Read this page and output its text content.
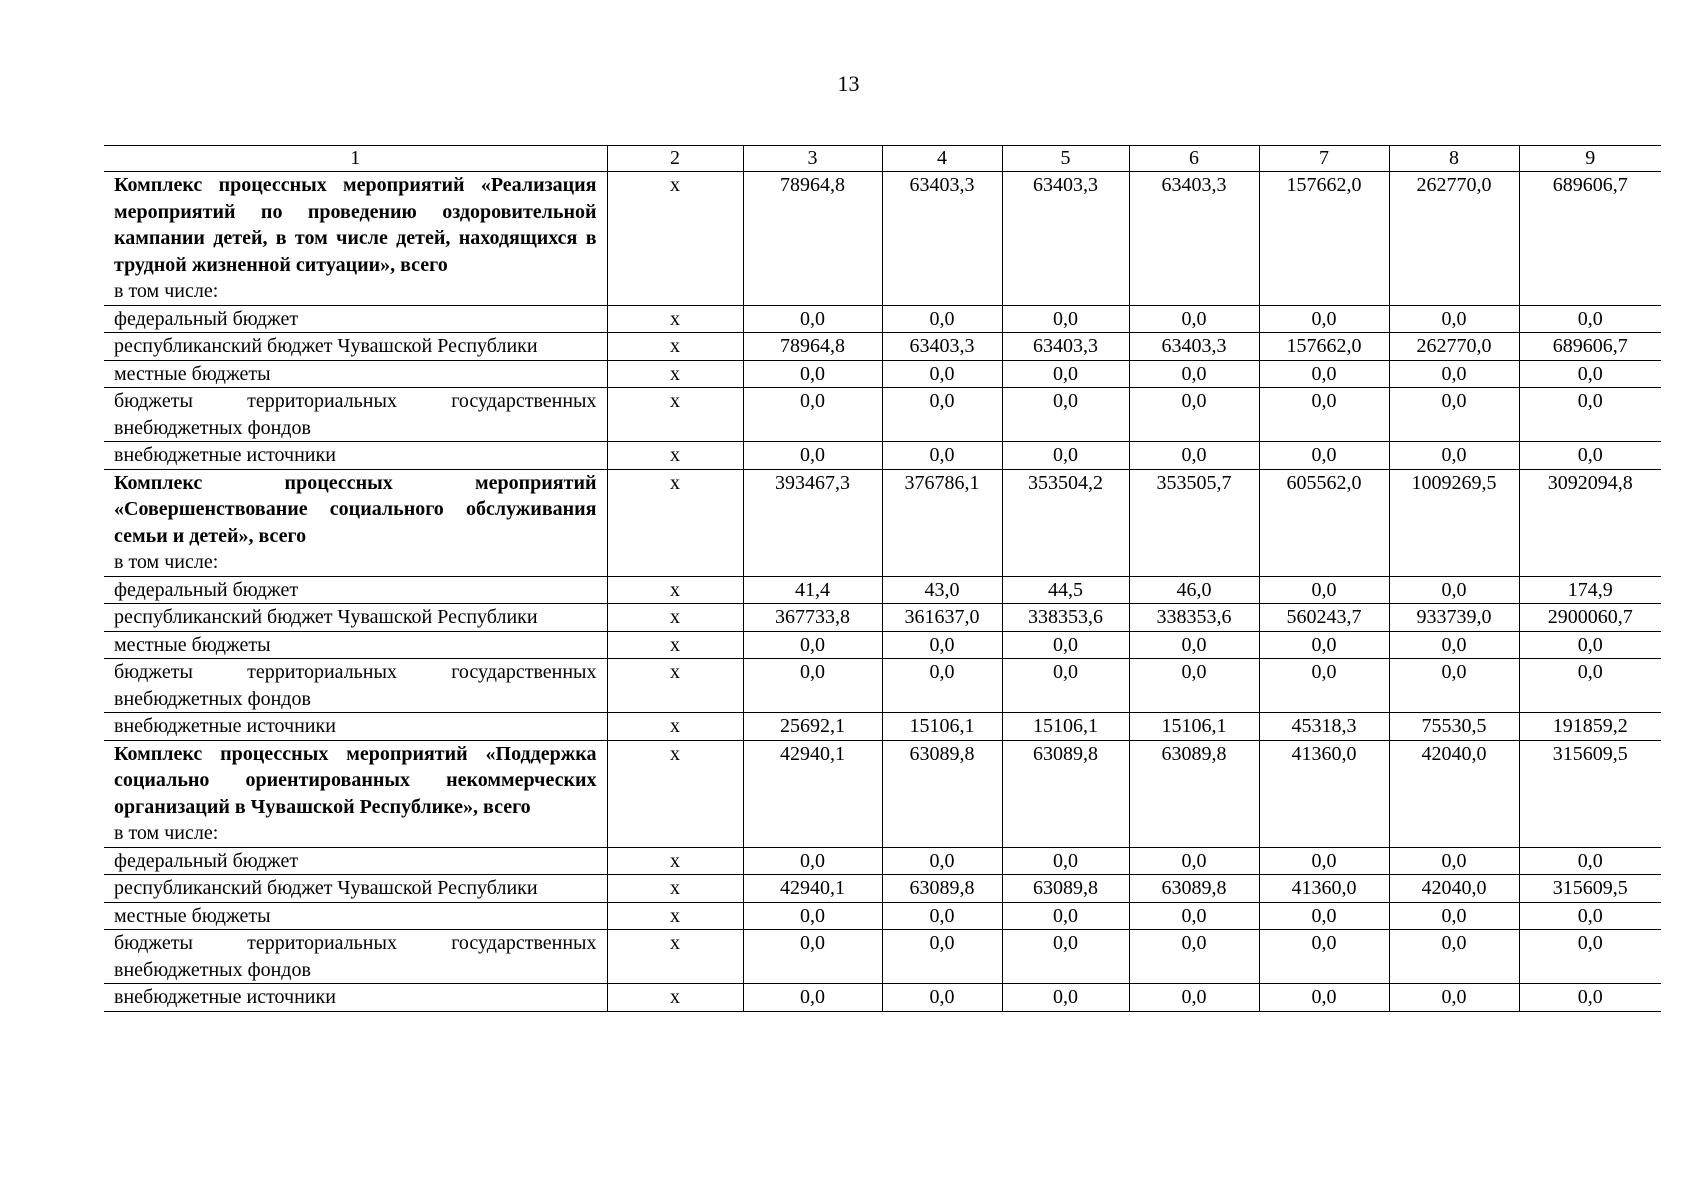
13
1	2	3	4	5	6	7	8	9

Комплекс процессных мероприятий «Реализация мероприятий по проведению оздоровительной кампании детей, в том числе детей, находящихся в трудной жизненной ситуации», всего
в том числе:	x	78964,8	63403,3	63403,3	63403,3	157662,0	262770,0	689606,7
федеральный бюджет	x	0,0	0,0	0,0	0,0	0,0	0,0	0,0
республиканский бюджет Чувашской Республики	x	78964,8	63403,3	63403,3	63403,3	157662,0	262770,0	689606,7
местные бюджеты	x	0,0	0,0	0,0	0,0	0,0	0,0	0,0

бюджеты территориальных государственных
внебюджетных фондов	x	0,0	0,0	0,0	0,0	0,0	0,0	0,0
внебюджетные источники	x	0,0	0,0	0,0	0,0	0,0	0,0	0,0

Комплекс процессных мероприятий «Совершенствование социального обслуживания семьи и детей», всего
в том числе:	x	393467,3	376786,1	353504,2	353505,7	605562,0	1009269,5	3092094,8
федеральный бюджет	x	41,4	43,0	44,5	46,0	0,0	0,0	174,9
республиканский бюджет Чувашской Республики	x	367733,8	361637,0	338353,6	338353,6	560243,7	933739,0	2900060,7
местные бюджеты	x	0,0	0,0	0,0	0,0	0,0	0,0	0,0

бюджеты территориальных государственных
внебюджетных фондов	x	0,0	0,0	0,0	0,0	0,0	0,0	0,0
внебюджетные источники	x	25692,1	15106,1	15106,1	15106,1	45318,3	75530,5	191859,2

Комплекс процессных мероприятий «Поддержка социально ориентированных некоммерческих организаций в Чувашской Республике», всего
в том числе:	x	42940,1	63089,8	63089,8	63089,8	41360,0	42040,0	315609,5
федеральный бюджет	x	0,0	0,0	0,0	0,0	0,0	0,0	0,0
республиканский бюджет Чувашской Республики	x	42940,1	63089,8	63089,8	63089,8	41360,0	42040,0	315609,5
местные бюджеты	x	0,0	0,0	0,0	0,0	0,0	0,0	0,0

бюджеты территориальных государственных
внебюджетных фондов	x	0,0	0,0	0,0	0,0	0,0	0,0	0,0
внебюджетные источники	x	0,0	0,0	0,0	0,0	0,0	0,0	0,0
